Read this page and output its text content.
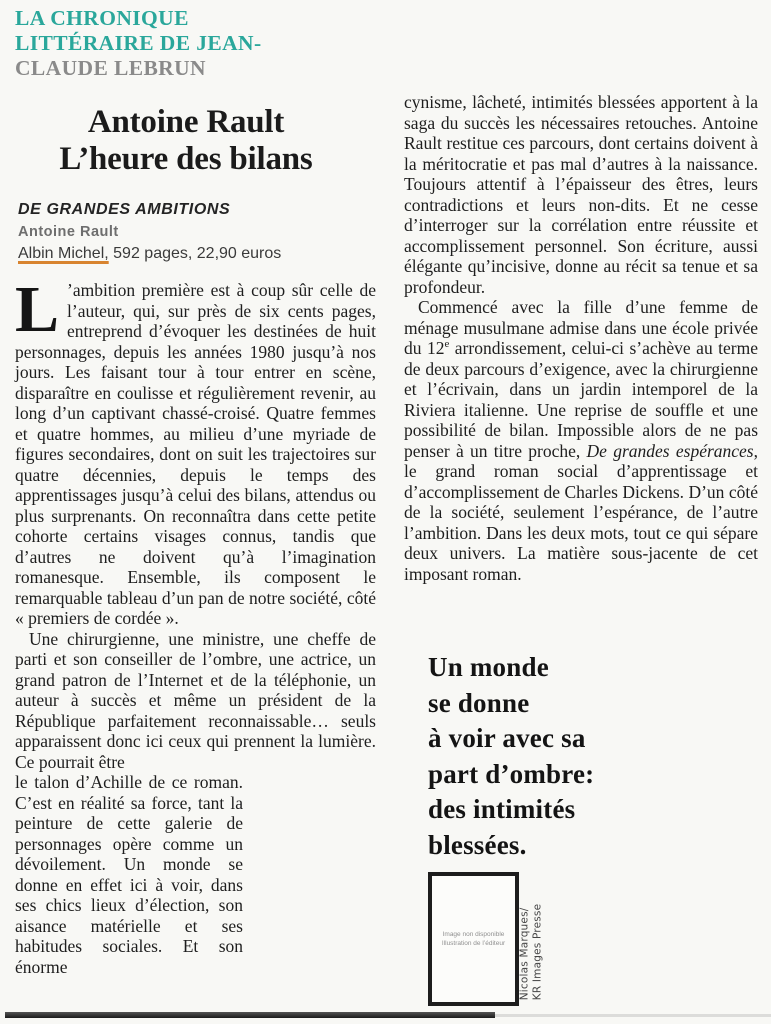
LA CHRONIQUE
LITTÉRAIRE DE JEAN-
CLAUDE LEBRUN
Antoine Rault
L’heure des bilans
DE GRANDES AMBITIONS
Antoine Rault
Albin Michel, 592 pages, 22,90 euros

L ’ambition première est à coup sûr celle de l’auteur, qui, sur près de six cents pages, entreprend d’évoquer les destinées de huit personnages, depuis les années 1980 jusqu’à nos jours. Les faisant tour à tour entrer en scène, disparaître en coulisse et régulièrement revenir, au long d’un captivant chassé-croisé. Quatre femmes et quatre hommes, au milieu d’une myriade de figures secondaires, dont on suit les trajectoires sur quatre décennies, depuis le temps des apprentissages jusqu’à celui des bilans, attendus ou plus surprenants. On reconnaîtra dans cette petite cohorte certains visages connus, tandis que d’autres ne doivent qu’à l’imagination romanesque. Ensemble, ils composent le remarquable tableau d’un pan de notre société, côté « premiers de cordée ».

Une chirurgienne, une ministre, une cheffe de parti et son conseiller de l’ombre, une actrice, un grand patron de l’Internet et de la téléphonie, un auteur à succès et même un président de la République parfaitement reconnaissable… seuls apparaissent donc ici ceux qui prennent la lumière. Ce pourrait être

le talon d’Achille de ce roman. C’est en réalité sa force, tant la peinture de cette galerie de personnages opère comme un dévoilement. Un monde se donne en effet ici à voir, dans ses chics lieux d’élection, son aisance matérielle et ses habitudes sociales. Et son énorme

cynisme, lâcheté, intimités blessées apportent à la saga du succès les nécessaires retouches. Antoine Rault restitue ces parcours, dont certains doivent à la méritocratie et pas mal d’autres à la naissance. Toujours attentif à l’épaisseur des êtres, leurs contradictions et leurs non-dits. Et ne cesse d’interroger sur la corrélation entre réussite et accomplissement personnel. Son écriture, aussi élégante qu’incisive, donne au récit sa tenue et sa profondeur.

Commencé avec la fille d’une femme de ménage musulmane admise dans une école privée du 12e arrondissement, celui-ci s’achève au terme de deux parcours d’exigence, avec la chirurgienne et l’écrivain, dans un jardin intemporel de la Riviera italienne. Une reprise de souffle et une possibilité de bilan. Impossible alors de ne pas penser à un titre proche, De grandes espérances, le grand roman social d’apprentissage et d’accomplissement de Charles Dickens. D’un côté de la société, seulement l’espérance, de l’autre l’ambition. Dans les deux mots, tout ce qui sépare deux univers. La matière sous-jacente de cet imposant roman.

Un monde
se donne
à voir avec sa
part d’ombre:
des intimités
blessées.
Image non disponible
Illustration de l’éditeur Nicolas Marques/ KR Images Presse
